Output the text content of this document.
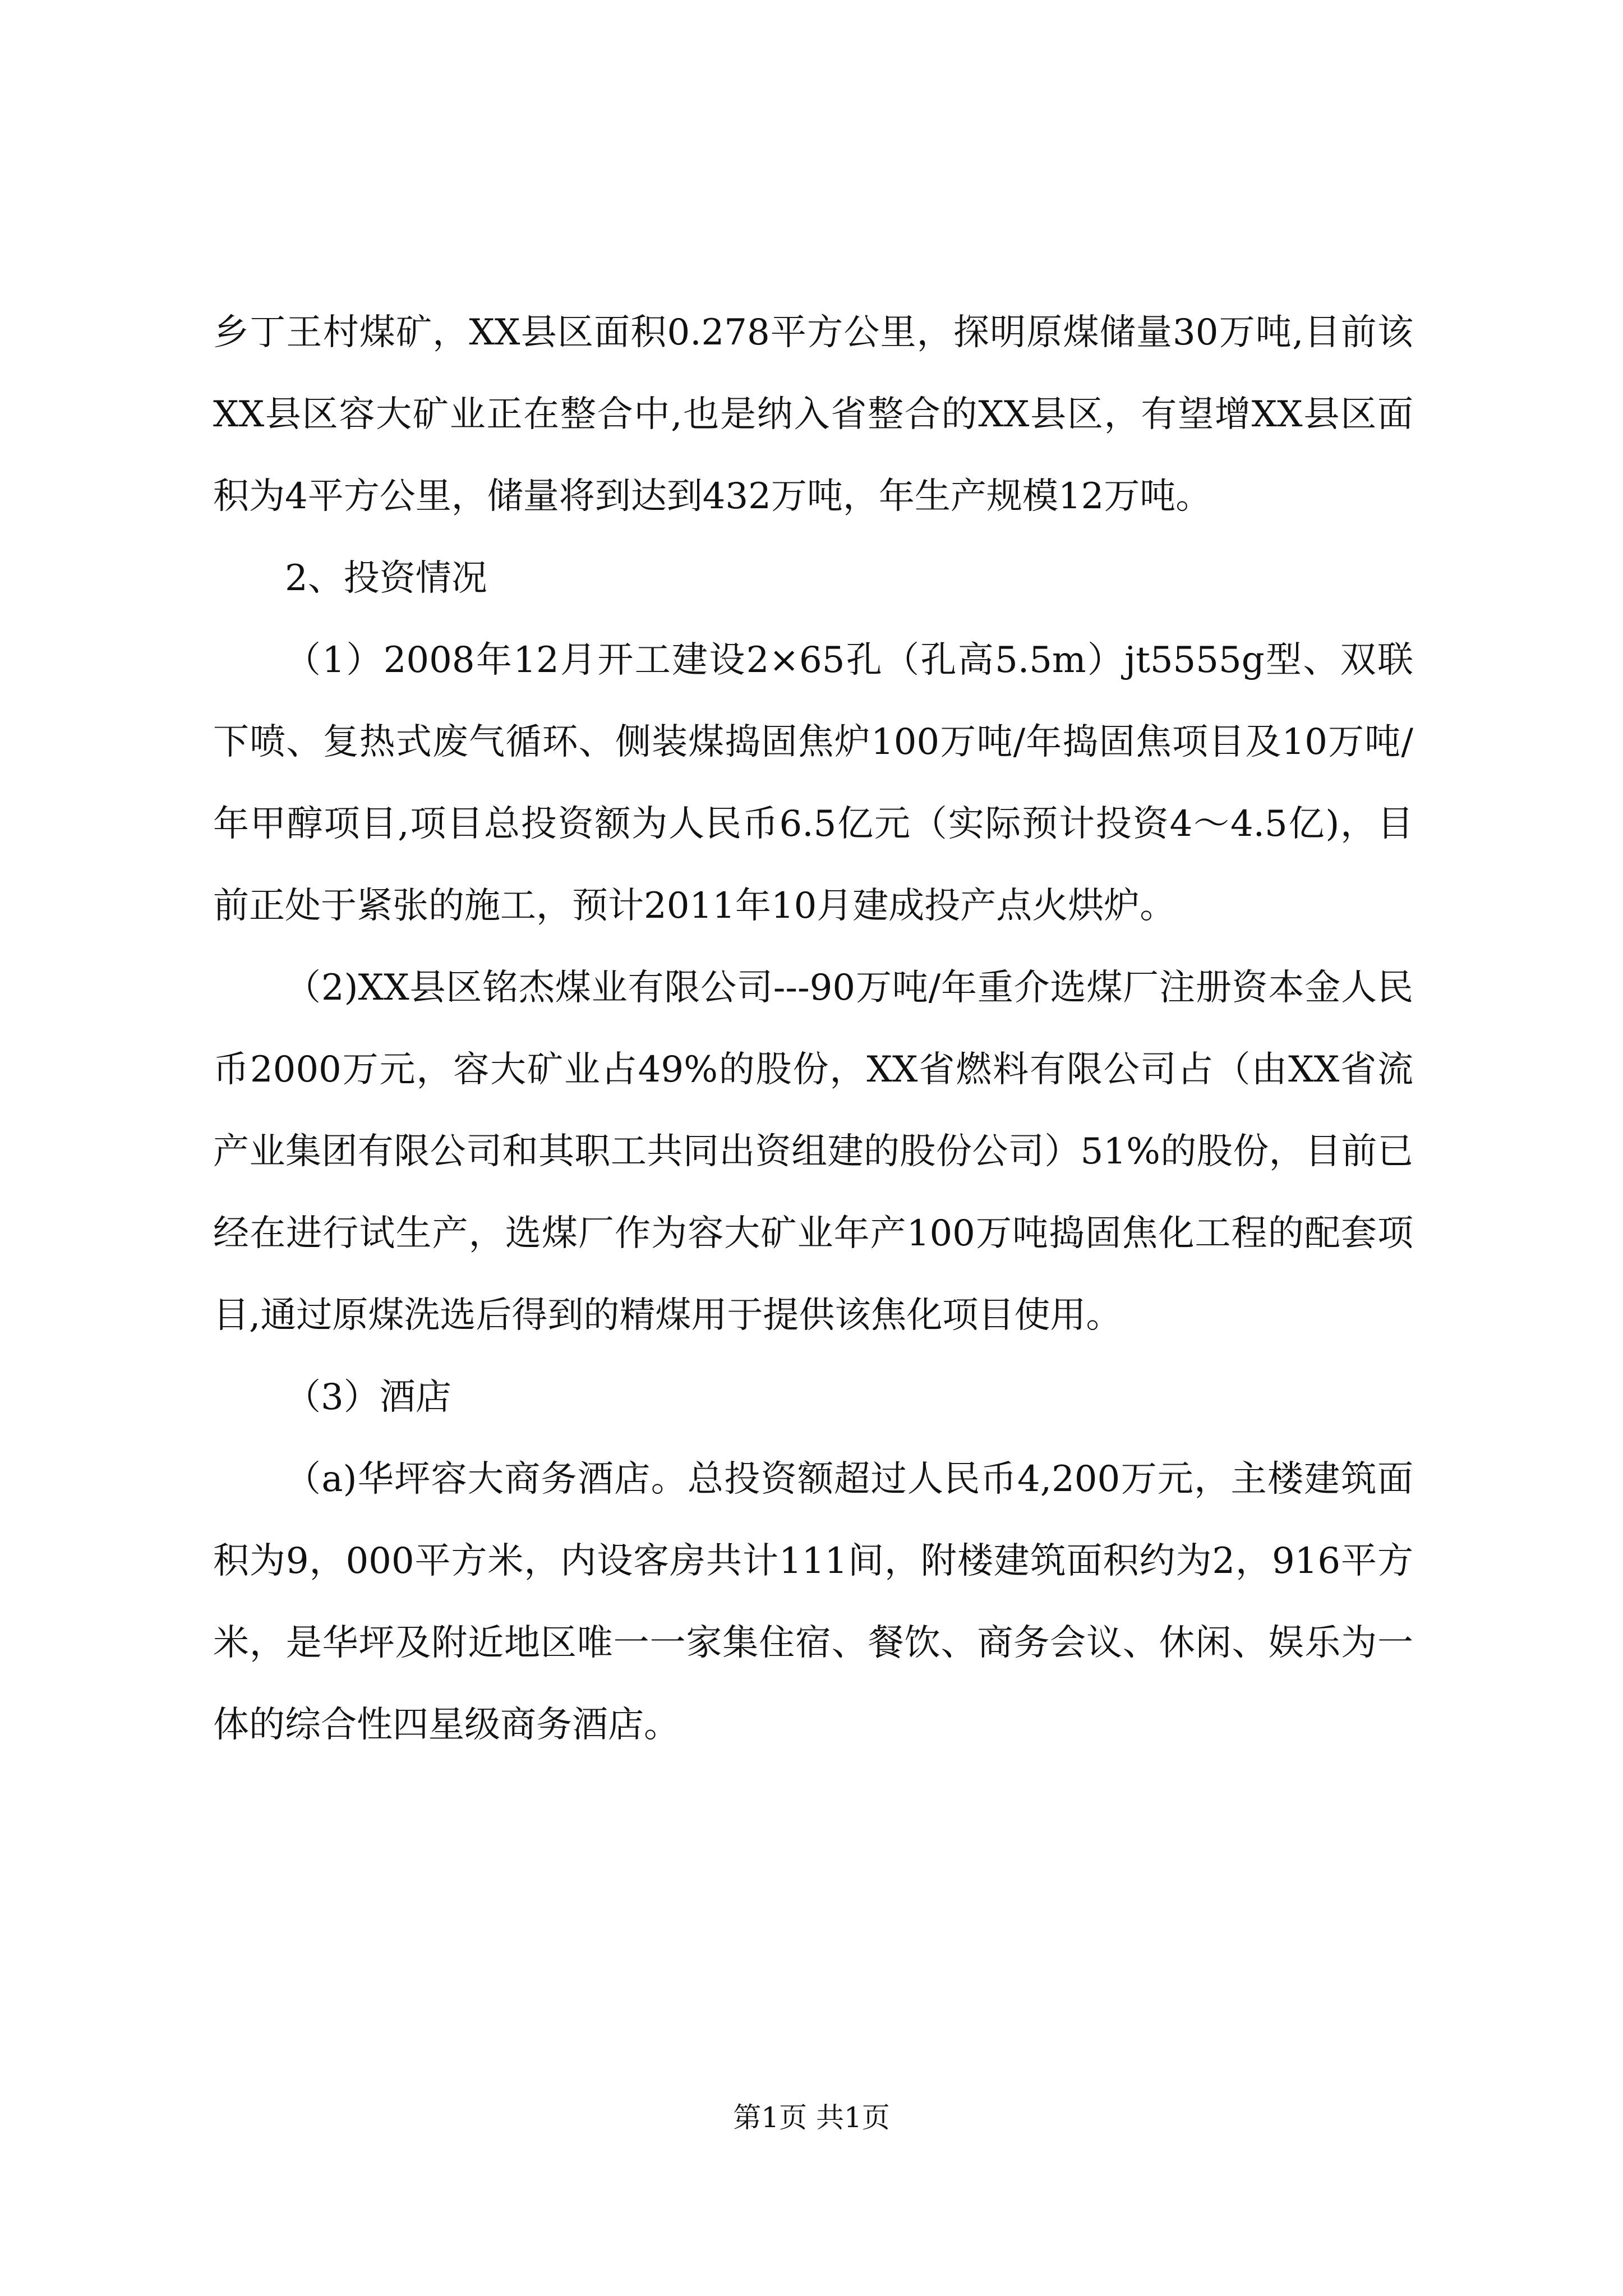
乡丁王村煤矿，XX县区面积0.278平方公里，探明原煤储量30万吨,目前该XX县区容大矿业正在整合中,也是纳入省整合的XX县区，有望增XX县区面积为4平方公里，储量将到达到432万吨，年生产规模12万吨。

2、投资情况

（1）2008年12月开工建设2×65孔（孔高5.5m）jt5555g型、双联下喷、复热式废气循环、侧装煤捣固焦炉100万吨/年捣固焦项目及10万吨/年甲醇项目,项目总投资额为人民币6.5亿元（实际预计投资4～4.5亿)，目前正处于紧张的施工，预计2011年10月建成投产点火烘炉。

（2)XX县区铭杰煤业有限公司---90万吨/年重介选煤厂注册资本金人民币2000万元，容大矿业占49%的股份，XX省燃料有限公司占（由XX省流产业集团有限公司和其职工共同出资组建的股份公司）51%的股份，目前已经在进行试生产，选煤厂作为容大矿业年产100万吨捣固焦化工程的配套项目,通过原煤洗选后得到的精煤用于提供该焦化项目使用。

（3）酒店

（a)华坪容大商务酒店。总投资额超过人民币4,200万元，主楼建筑面积为9，000平方米，内设客房共计111间，附楼建筑面积约为2，916平方米，是华坪及附近地区唯一一家集住宿、餐饮、商务会议、休闲、娱乐为一体的综合性四星级商务酒店。

第1页 共1页
